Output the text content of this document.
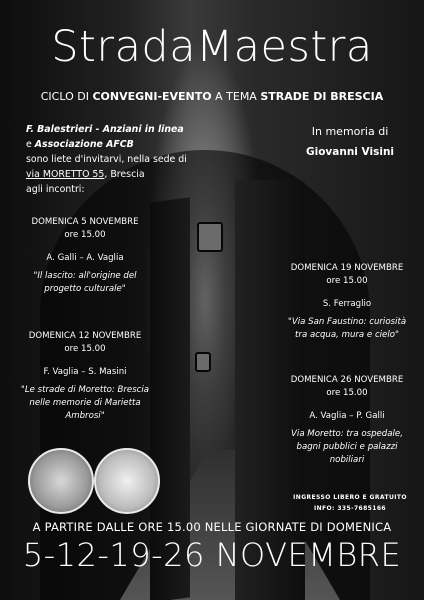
StradaMaestra
CICLO DI CONVEGNI-EVENTO A TEMA STRADE DI BRESCIA
F. Balestrieri - Anziani in linea
e Associazione AFCB
sono liete d'invitarvi, nella sede di
via MORETTO 55, Brescia
agli incontri:
In memoria di
Giovanni Visini
DOMENICA 5 NOVEMBRE
ore 15.00
A. Galli – A. Vaglia
"Il lascito: all'origine del progetto culturale"
DOMENICA 12 NOVEMBRE
ore 15.00
F. Vaglia – S. Masini
"Le strade di Moretto: Brescia nelle memorie di Marietta Ambrosi"
DOMENICA 19 NOVEMBRE
ore 15.00
S. Ferraglio
"Via San Faustino: curiosità tra acqua, mura e cielo"
DOMENICA 26 NOVEMBRE
ore 15.00
A. Vaglia – P. Galli
Via Moretto: tra ospedale, bagni pubblici e palazzi nobiliari
INGRESSO LIBERO E GRATUITO
INFO: 335-7685166
A PARTIRE DALLE ORE 15.00 NELLE GIORNATE DI DOMENICA
5-12-19-26 NOVEMBRE
